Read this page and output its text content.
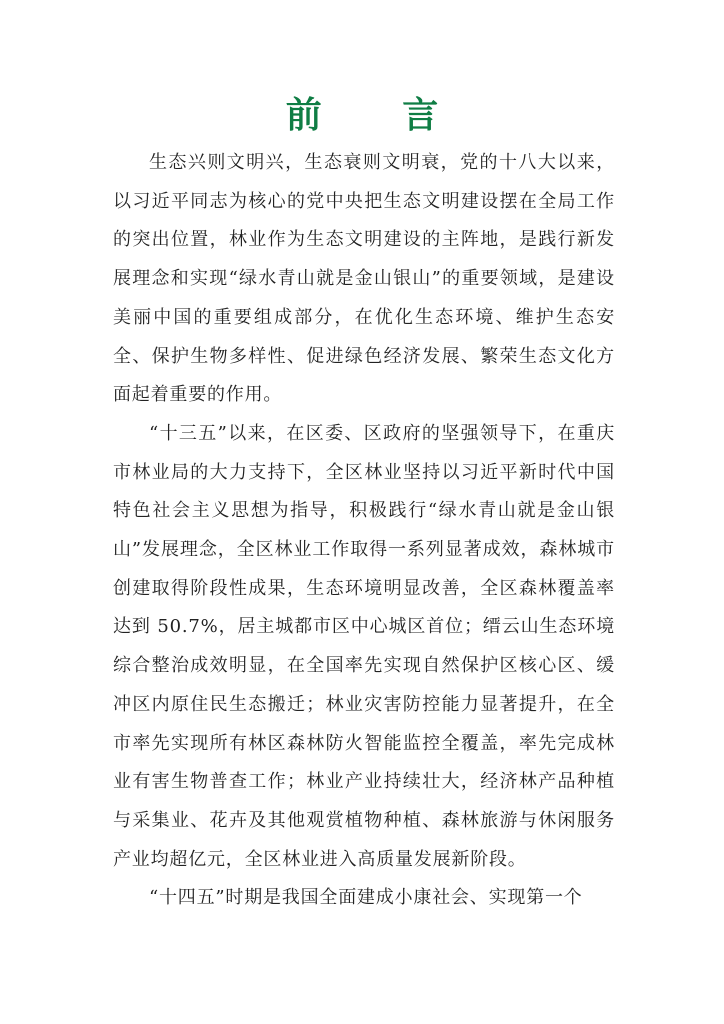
前 言

生态兴则文明兴，生态衰则文明衰，党的十八大以来，以习近平同志为核心的党中央把生态文明建设摆在全局工作的突出位置，林业作为生态文明建设的主阵地，是践行新发展理念和实现“绿水青山就是金山银山”的重要领域，是建设美丽中国的重要组成部分，在优化生态环境、维护生态安全、保护生物多样性、促进绿色经济发展、繁荣生态文化方面起着重要的作用。

“十三五”以来，在区委、区政府的坚强领导下，在重庆市林业局的大力支持下，全区林业坚持以习近平新时代中国特色社会主义思想为指导，积极践行“绿水青山就是金山银山”发展理念，全区林业工作取得一系列显著成效，森林城市创建取得阶段性成果，生态环境明显改善，全区森林覆盖率达到 50.7%，居主城都市区中心城区首位；缙云山生态环境综合整治成效明显，在全国率先实现自然保护区核心区、缓冲区内原住民生态搬迁；林业灾害防控能力显著提升，在全市率先实现所有林区森林防火智能监控全覆盖，率先完成林业有害生物普查工作；林业产业持续壮大，经济林产品种植与采集业、花卉及其他观赏植物种植、森林旅游与休闲服务产业均超亿元，全区林业进入高质量发展新阶段。

“十四五”时期是我国全面建成小康社会、实现第一个
